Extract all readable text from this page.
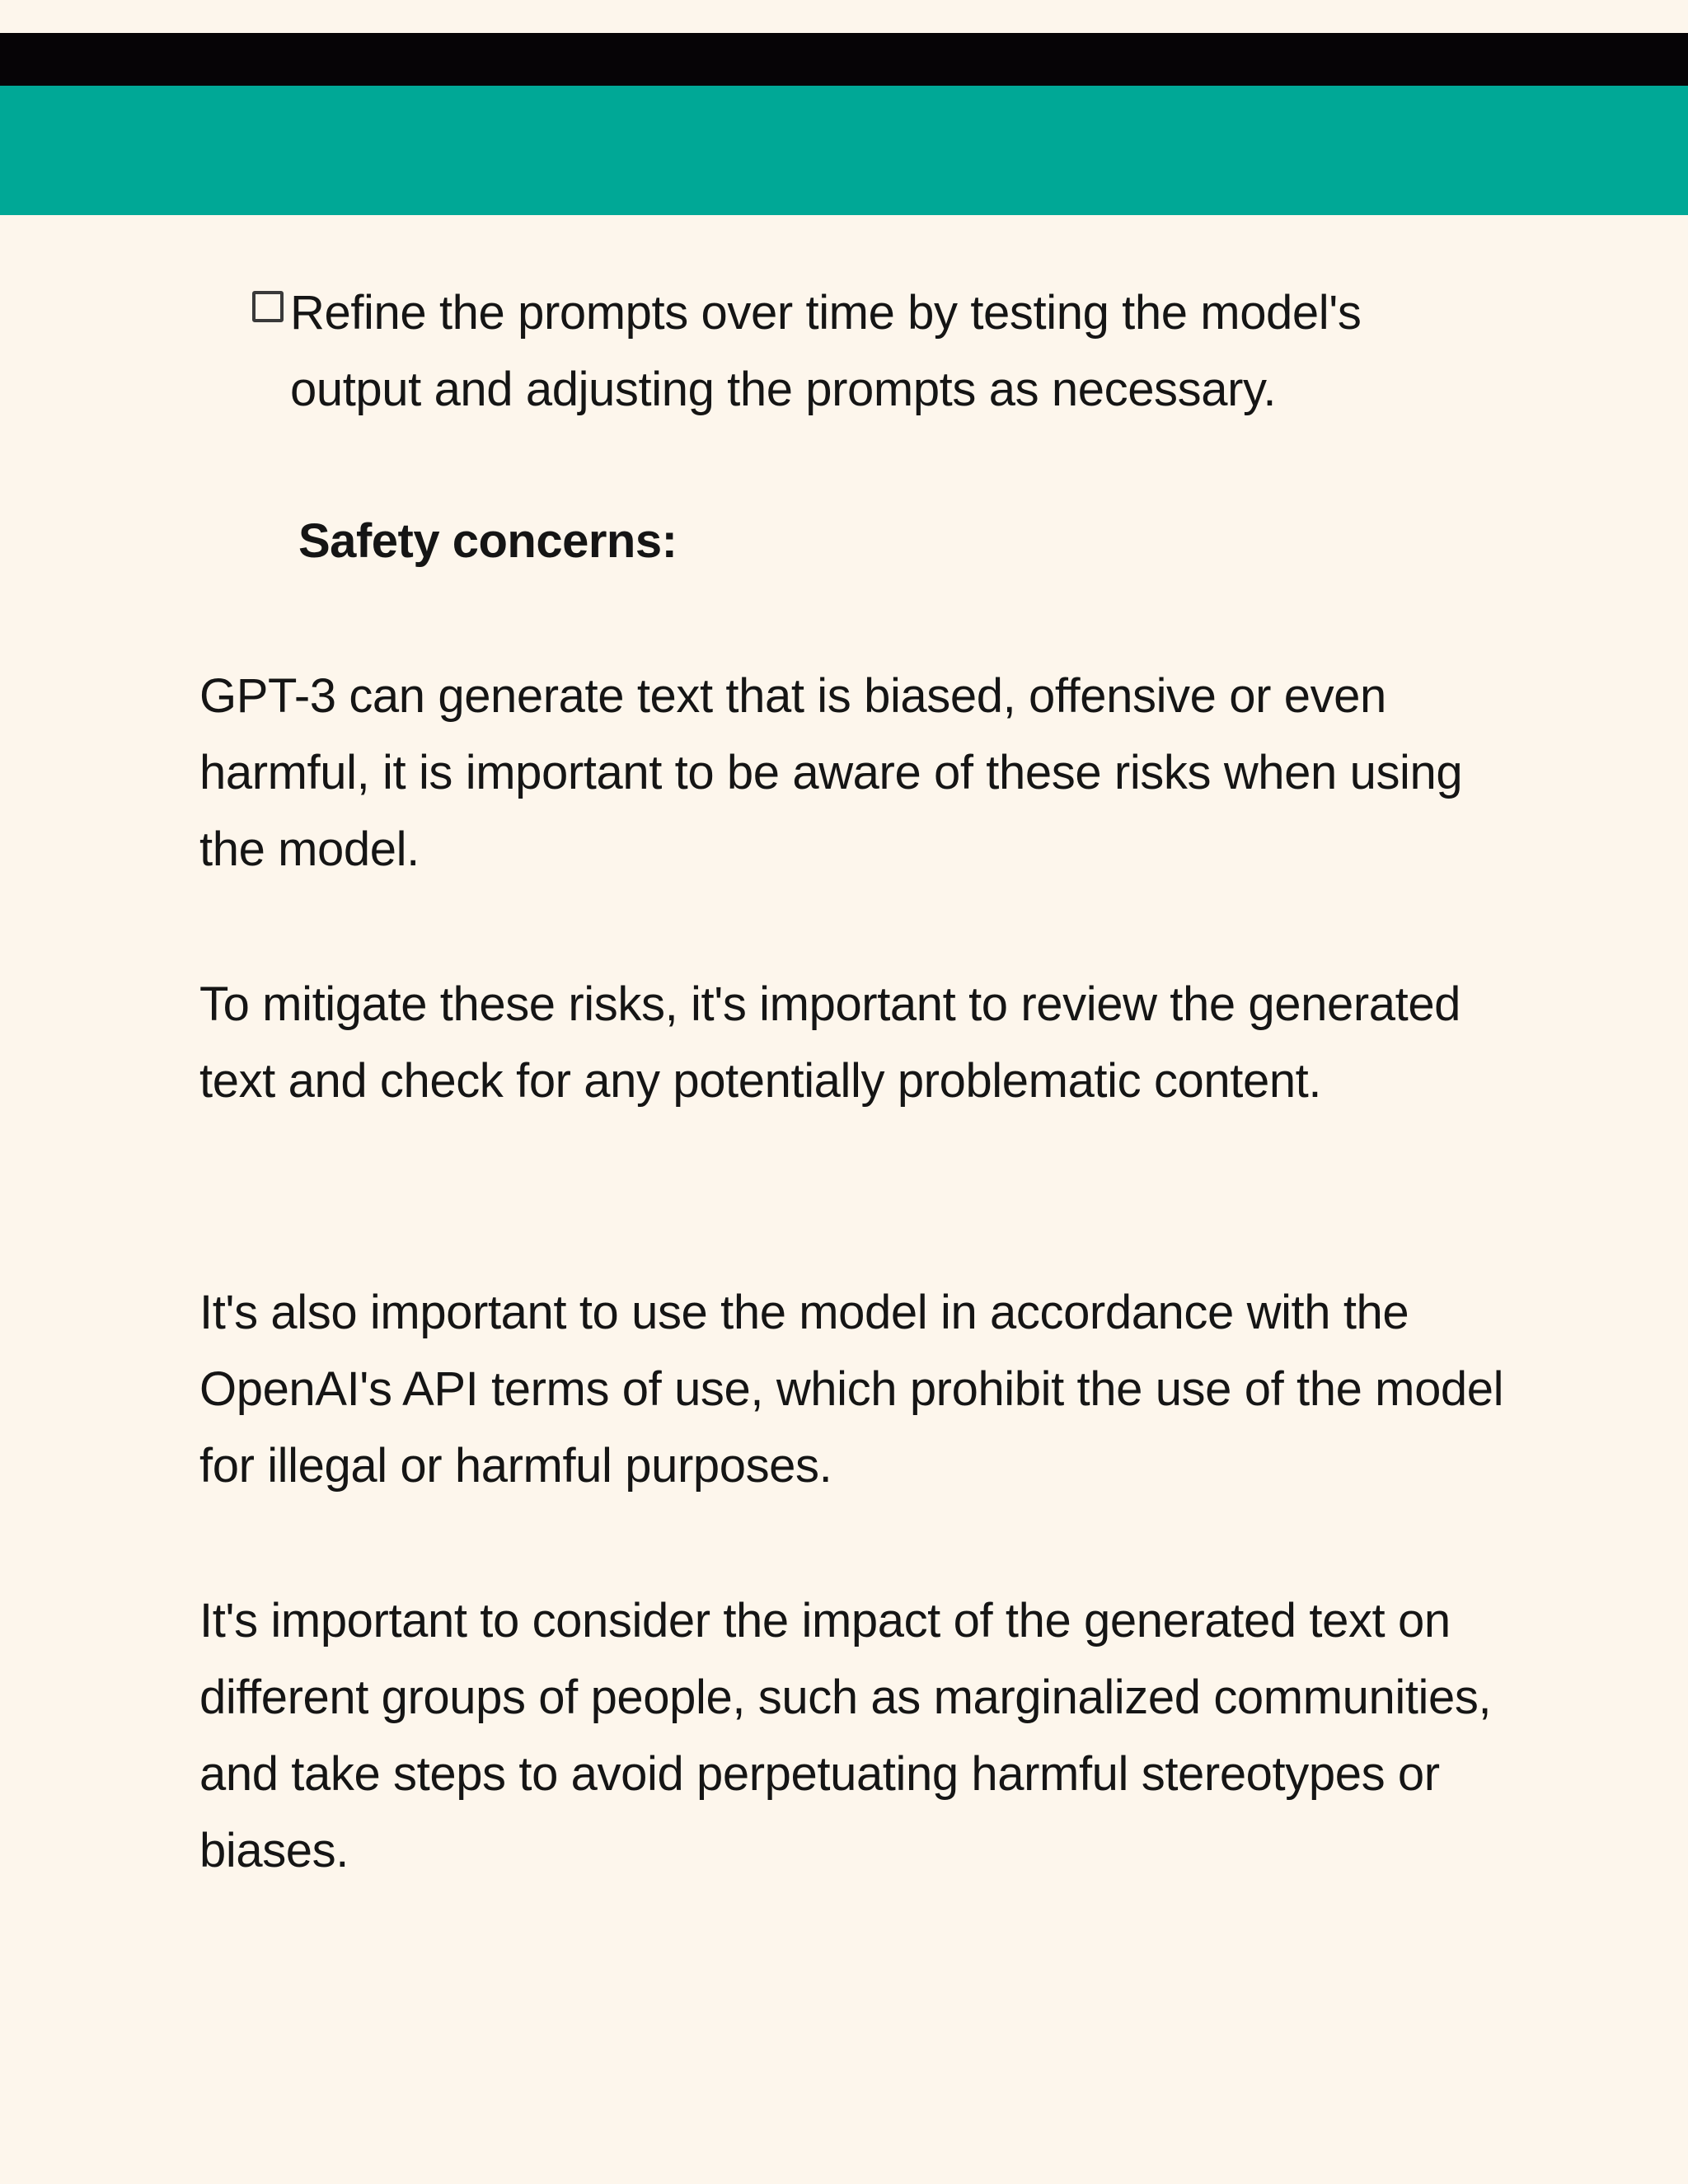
Refine the prompts over time by testing the model's output and adjusting the prompts as necessary.
Safety concerns:
GPT-3 can generate text that is biased, offensive or even harmful, it is important to be aware of these risks when using the model.
To mitigate these risks, it's important to review the generated text and check for any potentially problematic content.
It's also important to use the model in accordance with the OpenAI's API terms of use, which prohibit the use of the model for illegal or harmful purposes.
It's important to consider the impact of the generated text on different groups of people, such as marginalized communities, and take steps to avoid perpetuating harmful stereotypes or biases.
